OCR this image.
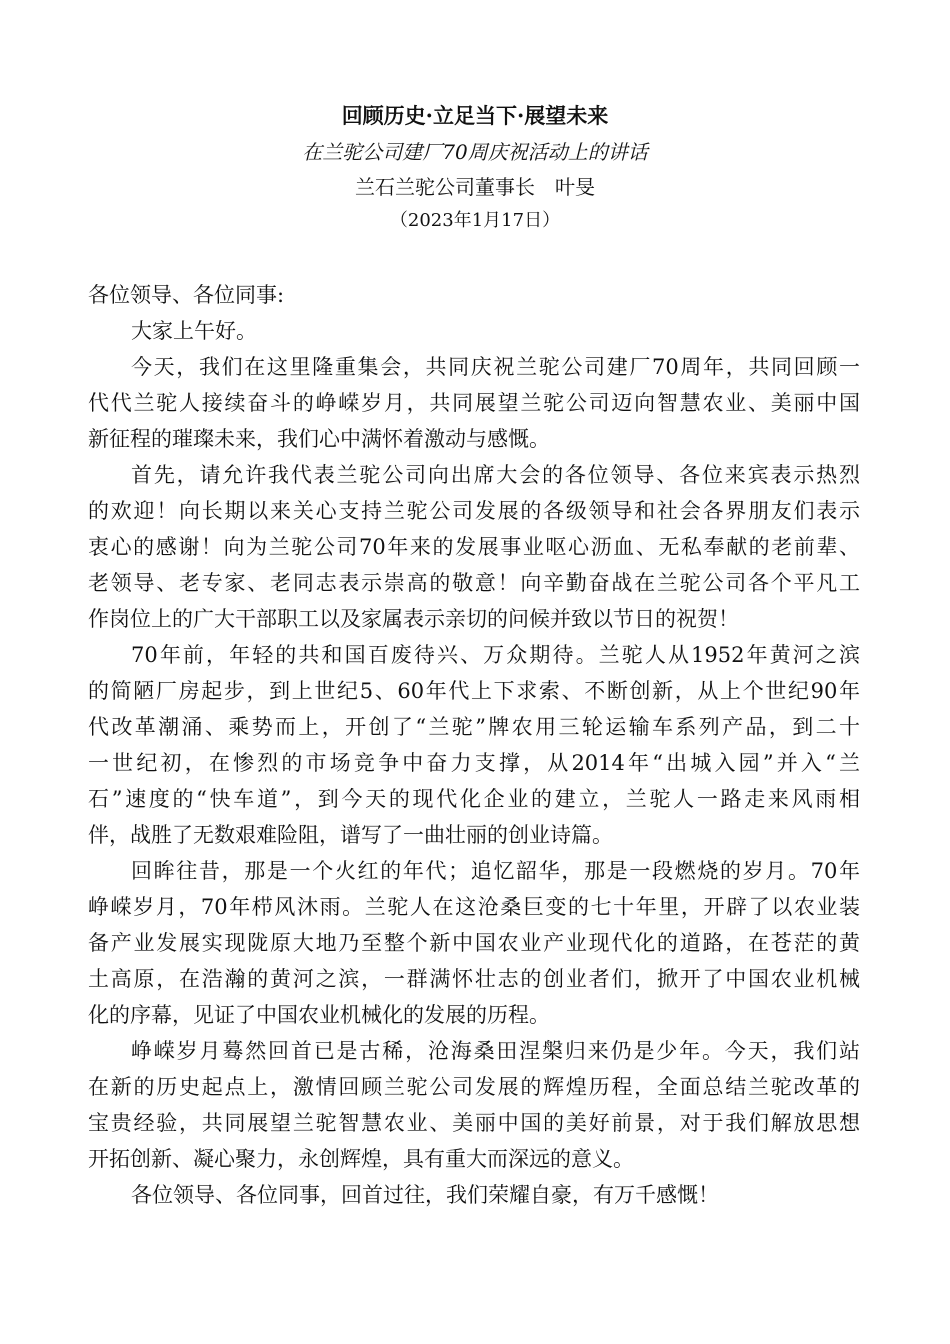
回顾历史·立足当下·展望未来
在兰驼公司建厂70周庆祝活动上的讲话
兰石兰驼公司董事长　叶旻
（2023年1月17日）
各位领导、各位同事:
大家上午好。
今天，我们在这里隆重集会，共同庆祝兰驼公司建厂70周年，共同回顾一
代代兰驼人接续奋斗的峥嵘岁月，共同展望兰驼公司迈向智慧农业、美丽中国
新征程的璀璨未来，我们心中满怀着激动与感慨。
首先，请允许我代表兰驼公司向出席大会的各位领导、各位来宾表示热烈
的欢迎！向长期以来关心支持兰驼公司发展的各级领导和社会各界朋友们表示
衷心的感谢！向为兰驼公司70年来的发展事业呕心沥血、无私奉献的老前辈、
老领导、老专家、老同志表示崇高的敬意！向辛勤奋战在兰驼公司各个平凡工
作岗位上的广大干部职工以及家属表示亲切的问候并致以节日的祝贺！
70年前，年轻的共和国百废待兴、万众期待。兰驼人从1952年黄河之滨
的简陋厂房起步，到上世纪5、60年代上下求索、不断创新，从上个世纪90年
代改革潮涌、乘势而上，开创了“兰驼”牌农用三轮运输车系列产品，到二十
一世纪初，在惨烈的市场竞争中奋力支撑，从2014年“出城入园”并入“兰
石”速度的“快车道”，到今天的现代化企业的建立，兰驼人一路走来风雨相
伴，战胜了无数艰难险阻，谱写了一曲壮丽的创业诗篇。
回眸往昔，那是一个火红的年代；追忆韶华，那是一段燃烧的岁月。70年
峥嵘岁月，70年栉风沐雨。兰驼人在这沧桑巨变的七十年里，开辟了以农业装
备产业发展实现陇原大地乃至整个新中国农业产业现代化的道路，在苍茫的黄
土高原，在浩瀚的黄河之滨，一群满怀壮志的创业者们，掀开了中国农业机械
化的序幕，见证了中国农业机械化的发展的历程。
峥嵘岁月蓦然回首已是古稀，沧海桑田涅槃归来仍是少年。今天，我们站
在新的历史起点上，激情回顾兰驼公司发展的辉煌历程，全面总结兰驼改革的
宝贵经验，共同展望兰驼智慧农业、美丽中国的美好前景，对于我们解放思想
开拓创新、凝心聚力，永创辉煌，具有重大而深远的意义。
各位领导、各位同事，回首过往，我们荣耀自豪，有万千感慨！
